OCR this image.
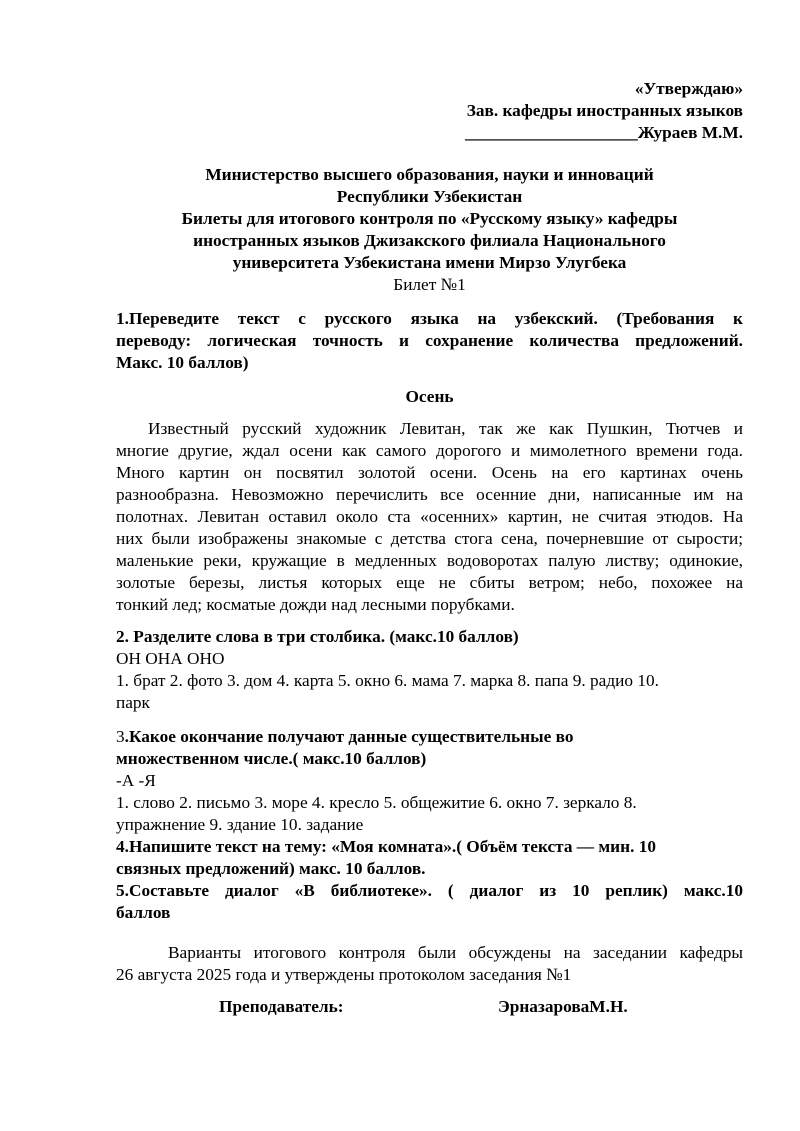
«Утверждаю»
Зав. кафедры иностранных языков
____________________Жураев М.М.
Министерство высшего образования, науки и инноваций
Республики Узбекистан
Билеты для итогового контроля по «Русскому языку» кафедры
иностранных языков Джизакского филиала Национального
университета Узбекистана имени Мирзо Улугбека
Билет №1
1.Переведите текст с русского языка на узбекский. (Требования к
переводу: логическая точность и сохранение количества предложений.
Макс. 10 баллов)
Осень
Известный русский художник Левитан, так же как Пушкин, Тютчев и
многие другие, ждал осени как самого дорогого и мимолетного времени года.
Много картин он посвятил золотой осени. Осень на его картинах очень
разнообразна. Невозможно перечислить все осенние дни, написанные им на
полотнах. Левитан оставил около ста «осенних» картин, не считая этюдов. На
них были изображены знакомые с детства стога сена, почерневшие от сырости;
маленькие реки, кружащие в медленных водоворотах палую листву; одинокие,
золотые березы, листья которых еще не сбиты ветром; небо, похожее на
тонкий лед; косматые дожди над лесными порубками.
2. Разделите слова в три столбика. (макс.10 баллов)
ОН ОНА ОНО
1. брат 2. фото 3. дом 4. карта 5. окно 6. мама 7. марка 8. папа 9. радио 10.
парк
3.Какое окончание получают данные существительные во
множественном числе.( макс.10 баллов)
-А -Я
1. слово 2. письмо 3. море 4. кресло 5. общежитие 6. окно 7. зеркало 8.
упражнение 9. здание 10. задание
4.Напишите текст на тему: «Моя комната».( Объём текста — мин. 10
связных предложений) макс. 10 баллов.
5.Составьте диалог «В библиотеке». ( диалог из 10 реплик) макс.10
баллов
Варианты итогового контроля были обсуждены на заседании кафедры
26 августа 2025 года и утверждены протоколом заседания №1
Преподаватель:	ЭрназароваМ.Н.
